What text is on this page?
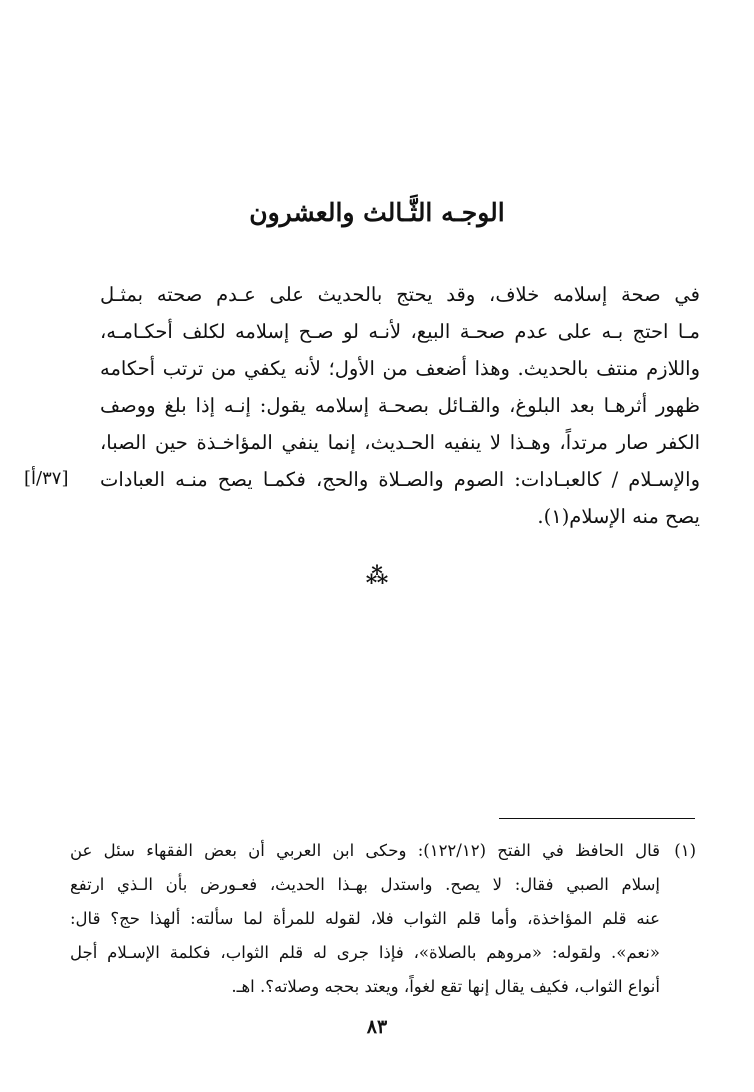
الوجـه الثَّـالث والعشرون
في صحة إسلامه خلاف، وقد يحتج بالحديث على عـدم صحته بمثـل
مـا احتج بـه على عدم صحـة البيع، لأنـه لو صـح إسلامه لكلف أحكـامـه،
واللازم منتف بالحديث. وهذا أضعف من الأول؛ لأنه يكفي من ترتب أحكامه
ظهور أثرهـا بعد البلوغ، والقـائل بصحـة إسلامه يقول: إنـه إذا بلغ ووصف
الكفر صار مرتداً، وهـذا لا ينفيه الحـديث، إنما ينفي المؤاخـذة حين الصبا،
والإسـلام / كالعبـادات: الصوم والصـلاة والحج، فكمـا يصح منـه العبادات
يصح منه الإسلام(١).
[٣٧/أ]
⁂
(١)
قال الحافظ في الفتح (١٢٢/١٢): وحكى ابن العربي أن بعض الفقهاء سئل عن
إسلام الصبي فقال: لا يصح. واستدل بهـذا الحديث، فعـورض بأن الـذي ارتفع
عنه قلم المؤاخذة، وأما قلم الثواب فلا، لقوله للمرأة لما سألته: ألهذا حج؟ قال:
«نعم». ولقوله: «مروهم بالصلاة»، فإذا جرى له قلم الثواب، فكلمة الإسـلام أجل
أنواع الثواب، فكيف يقال إنها تقع لغواً، ويعتد بحجه وصلاته؟. اهـ.
٨٣
